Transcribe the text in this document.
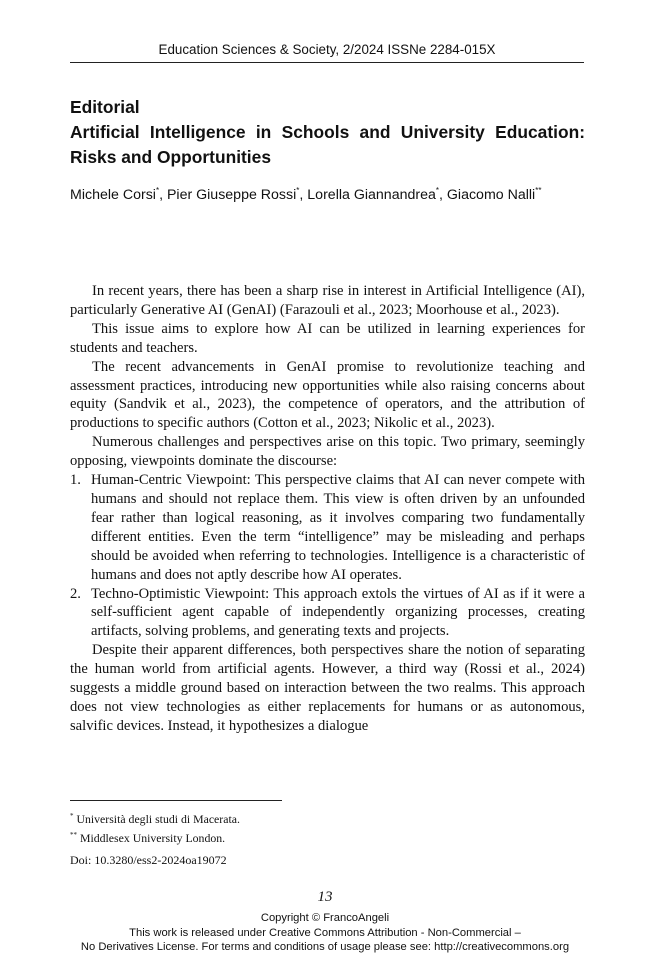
Education Sciences & Society, 2/2024 ISSNe 2284-015X
Editorial
Artificial Intelligence in Schools and University Education:
Risks and Opportunities
Michele Corsi*, Pier Giuseppe Rossi*, Lorella Giannandrea*, Giacomo Nalli**

In recent years, there has been a sharp rise in interest in Artificial Intelligence (AI), particularly Generative AI (GenAI) (Farazouli et al., 2023; Moorhouse et al., 2023).

This issue aims to explore how AI can be utilized in learning experiences for students and teachers.

The recent advancements in GenAI promise to revolutionize teaching and assessment practices, introducing new opportunities while also raising concerns about equity (Sandvik et al., 2023), the competence of operators, and the attribution of productions to specific authors (Cotton et al., 2023; Nikolic et al., 2023).

Numerous challenges and perspectives arise on this topic. Two primary, seemingly opposing, viewpoints dominate the discourse:

1. Human-Centric Viewpoint: This perspective claims that AI can never compete with humans and should not replace them. This view is often driven by an unfounded fear rather than logical reasoning, as it involves comparing two fundamentally different entities. Even the term “intelligence” may be misleading and perhaps should be avoided when referring to technologies. Intelligence is a characteristic of humans and does not aptly describe how AI operates.
2. Techno-Optimistic Viewpoint: This approach extols the virtues of AI as if it were a self-sufficient agent capable of independently organizing processes, creating artifacts, solving problems, and generating texts and projects.

Despite their apparent differences, both perspectives share the notion of separating the human world from artificial agents. However, a third way (Rossi et al., 2024) suggests a middle ground based on interaction between the two realms. This approach does not view technologies as either replacements for humans or as autonomous, salvific devices. Instead, it hypothesizes a dialogue

* Università degli studi di Macerata.
** Middlesex University London.
Doi: 10.3280/ess2-2024oa19072
13
Copyright © FrancoAngeli
This work is released under Creative Commons Attribution - Non-Commercial –
No Derivatives License. For terms and conditions of usage please see: http://creativecommons.org
